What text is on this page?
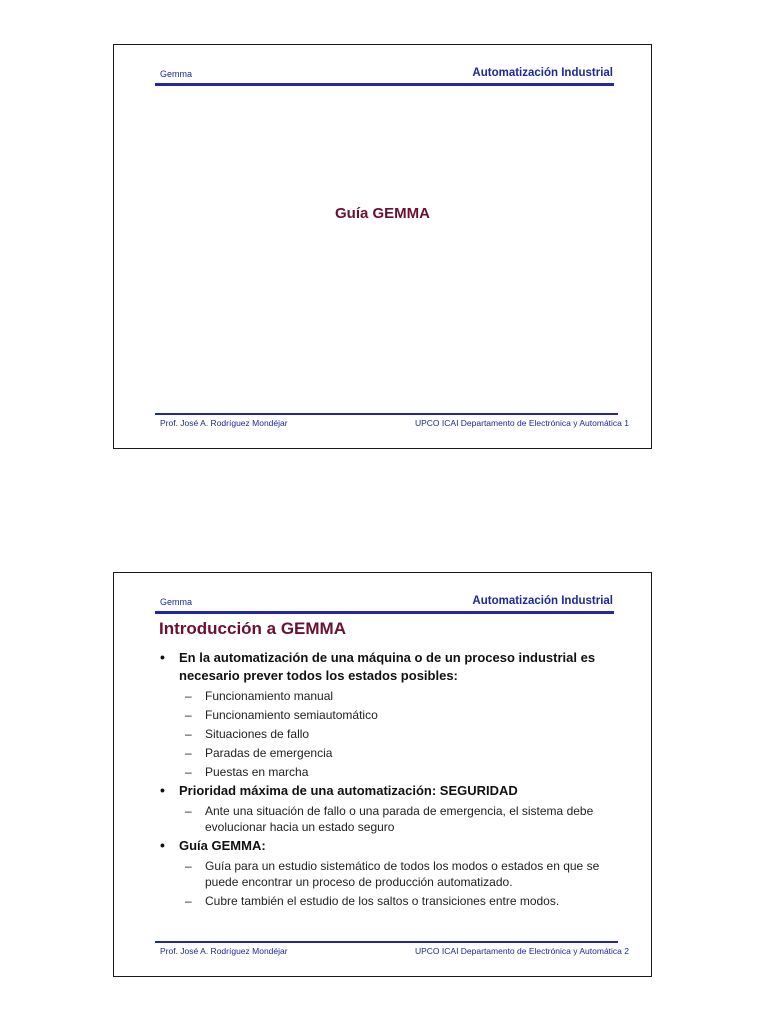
Gemma	Automatización Industrial
Guía GEMMA
Prof. José A. Rodríguez Mondéjar	UPCO ICAI Departamento de Electrónica y Automática 1
Gemma	Automatización Industrial
Introducción a GEMMA
• En la automatización de una máquina o de un proceso industrial es necesario prever todos los estados posibles:
– Funcionamiento manual
– Funcionamiento semiautomático
– Situaciones de fallo
– Paradas de emergencia
– Puestas en marcha
• Prioridad máxima de una automatización: SEGURIDAD
– Ante una situación de fallo o una parada de emergencia, el sistema debe evolucionar hacia un estado seguro
• Guía GEMMA:
– Guía para un estudio sistemático de todos los modos o estados en que se puede encontrar un proceso de producción automatizado.
– Cubre también el estudio de los saltos o transiciones entre modos.
Prof. José A. Rodríguez Mondéjar	UPCO ICAI Departamento de Electrónica y Automática 2
